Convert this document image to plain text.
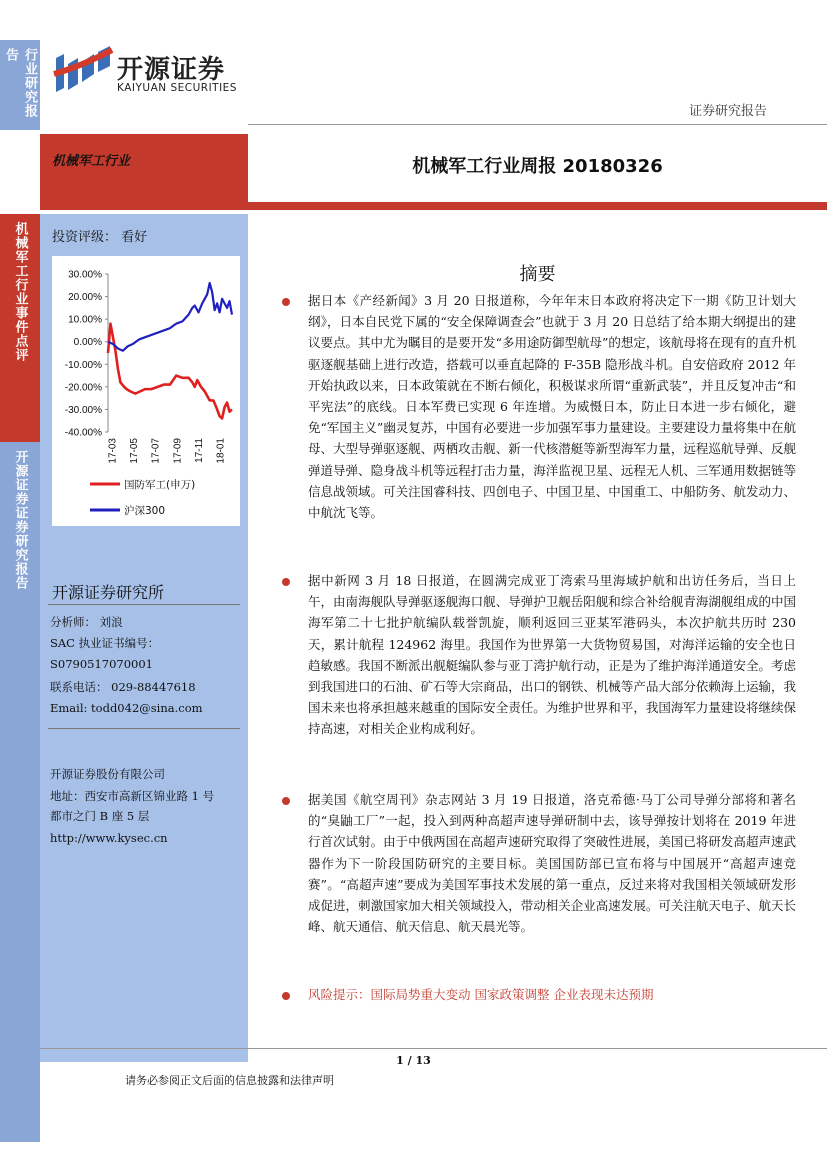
行业研究报告
机械军工行业事件点评
开源证券证券研究报告
开源证券
KAIYUAN SECURITIES
证券研究报告
机械军工行业	机械军工行业周报 20180326
投资评级： 看好
30.00%
20.00%
10.00%
0.00%
-10.00%
-20.00%
-30.00%
-40.00%
17-03 17-05 17-07 17-09 17-11 18-01
国防军工(申万)
沪深300
开源证券研究所
分析师： 刘浪
SAC 执业证书编号：
S0790517070001
联系电话： 029-88447618
Email: todd042@sina.com
开源证券股份有限公司
地址：西安市高新区锦业路 1 号
都市之门 B 座 5 层
http://www.kysec.cn
摘要
据日本《产经新闻》3 月 20 日报道称，今年年末日本政府将决定下一期《防卫计划大纲》，日本自民党下属的“安全保障调查会”也就于 3 月 20 日总结了给本期大纲提出的建议要点。其中尤为瞩目的是要开发“多用途防御型航母”的想定，该航母将在现有的直升机驱逐舰基础上进行改造，搭载可以垂直起降的 F-35B 隐形战斗机。自安倍政府 2012 年开始执政以来，日本政策就在不断右倾化，积极谋求所谓“重新武装”，并且反复冲击“和平宪法”的底线。日本军费已实现 6 年连增。为威慑日本，防止日本进一步右倾化，避免“军国主义”幽灵复苏，中国有必要进一步加强军事力量建设。主要建设力量将集中在航母、大型导弹驱逐舰、两栖攻击舰、新一代核潜艇等新型海军力量，远程巡航导弹、反舰弹道导弹、隐身战斗机等远程打击力量，海洋监视卫星、远程无人机、三军通用数据链等信息战领域。可关注国睿科技、四创电子、中国卫星、中国重工、中船防务、航发动力、中航沈飞等。
据中新网 3 月 18 日报道，在圆满完成亚丁湾索马里海域护航和出访任务后，当日上午，由南海舰队导弹驱逐舰海口舰、导弹护卫舰岳阳舰和综合补给舰青海湖舰组成的中国海军第二十七批护航编队载誉凯旋，顺利返回三亚某军港码头，本次护航共历时 230 天，累计航程 124962 海里。我国作为世界第一大货物贸易国，对海洋运输的安全也日趋敏感。我国不断派出舰艇编队参与亚丁湾护航行动，正是为了维护海洋通道安全。考虑到我国进口的石油、矿石等大宗商品，出口的钢铁、机械等产品大部分依赖海上运输，我国未来也将承担越来越重的国际安全责任。为维护世界和平，我国海军力量建设将继续保持高速，对相关企业构成利好。
据美国《航空周刊》杂志网站 3 月 19 日报道，洛克希德·马丁公司导弹分部将和著名的“臭鼬工厂”一起，投入到两种高超声速导弹研制中去，该导弹按计划将在 2019 年进行首次试射。由于中俄两国在高超声速研究取得了突破性进展，美国已将研发高超声速武器作为下一阶段国防研究的主要目标。美国国防部已宣布将与中国展开“高超声速竞赛”。“高超声速”要成为美国军事技术发展的第一重点，反过来将对我国相关领域研发形成促进，刺激国家加大相关领域投入，带动相关企业高速发展。可关注航天电子、航天长峰、航天通信、航天信息、航天晨光等。
风险提示：国际局势重大变动 国家政策调整 企业表现未达预期
1 / 13
请务必参阅正文后面的信息披露和法律声明
